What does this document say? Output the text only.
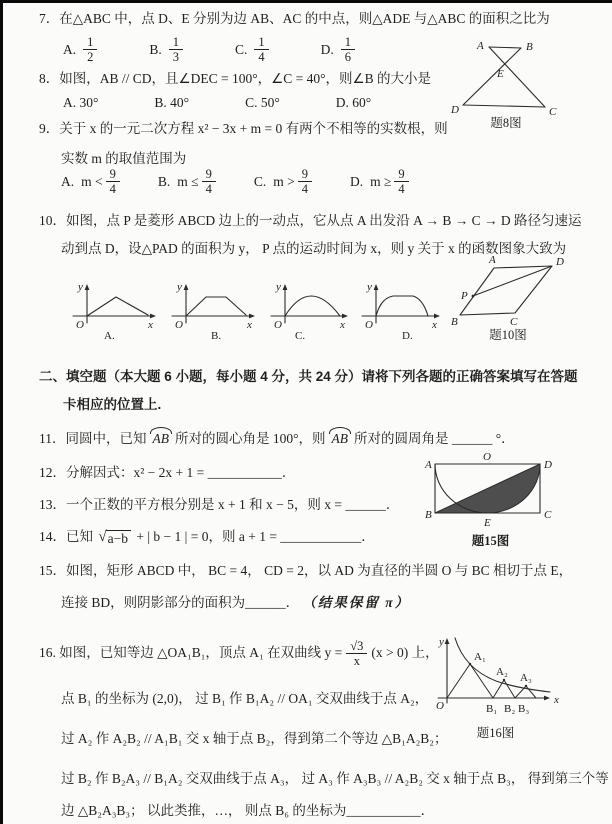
7．在△ABC 中，点 D、E 分别为边 AB、AC 的中点，则△ADE 与△ABC 的面积之比为
A. $\frac{1}{2}$	B. $\frac{1}{3}$	C. $\frac{1}{4}$	D. $\frac{1}{6}$
8．如图，AB // CD，且∠DEC = 100°，∠C = 40°，则∠B 的大小是
A. 30°	B. 40°	C. 50°	D. 60°
A	B
E
D	C
题8图
9．关于 x 的一元二次方程 x² − 3x + m = 0 有两个不相等的实数根，则
实数 m 的取值范围为
A. $m < \frac{9}{4}$	B. $m \le \frac{9}{4}$	C. $m > \frac{9}{4}$	D. $m \ge \frac{9}{4}$
10．如图，点 P 是菱形 ABCD 边上的一动点，它从点 A 出发沿 A → B → C → D 路径匀速运
动到点 D，设△PAD 的面积为 y， P 点的运动时间为 x，则 y 关于 x 的函数图象大致为
y
O	x
A.
y
O	x
B.
y
O	x
C.
y
O	x
D.
A	D
P
B	C
题10图
二、填空题（本大题 6 小题，每小题 4 分，共 24 分）请将下列各题的正确答案填写在答题
卡相应的位置上.
11．同圆中，已知 AB 所对的圆心角是 100°，则 AB 所对的圆周角是 ______ °．
12．分解因式：x² − 2x + 1 = ___________．
O
A	D
B	C
E
题15图
13．一个正数的平方根分别是 x + 1 和 x − 5，则 x = ______．
14．已知 √ a−b + | b − 1 | = 0，则 a + 1 = ____________．
15．如图，矩形 ABCD 中， BC = 4， CD = 2，以 AD 为直径的半圆 O 与 BC 相切于点 E，
连接 BD，则阴影部分的面积为______． （结果保留 π）
16. 如图，已知等边 △OA₁B₁，顶点 A₁ 在双曲线 $y = \frac{√3}{x} (x > 0)$ 上，
y
x
O
A₁
A₂ A₃
B₁ B₂ B₃
题16图
点 B₁ 的坐标为 (2,0)， 过 B₁ 作 B₁A₂ // OA₁ 交双曲线于点 A₂，
过 A₂ 作 A₂B₂ // A₁B₁ 交 x 轴于点 B₂，得到第二个等边 △B₁A₂B₂；
过 B₂ 作 B₂A₃ // B₁A₂ 交双曲线于点 A₃， 过 A₃ 作 A₃B₃ // A₂B₂ 交 x 轴于点 B₃， 得到第三个等
边 △B₂A₃B₃； 以此类推，…， 则点 B₆ 的坐标为___________．
